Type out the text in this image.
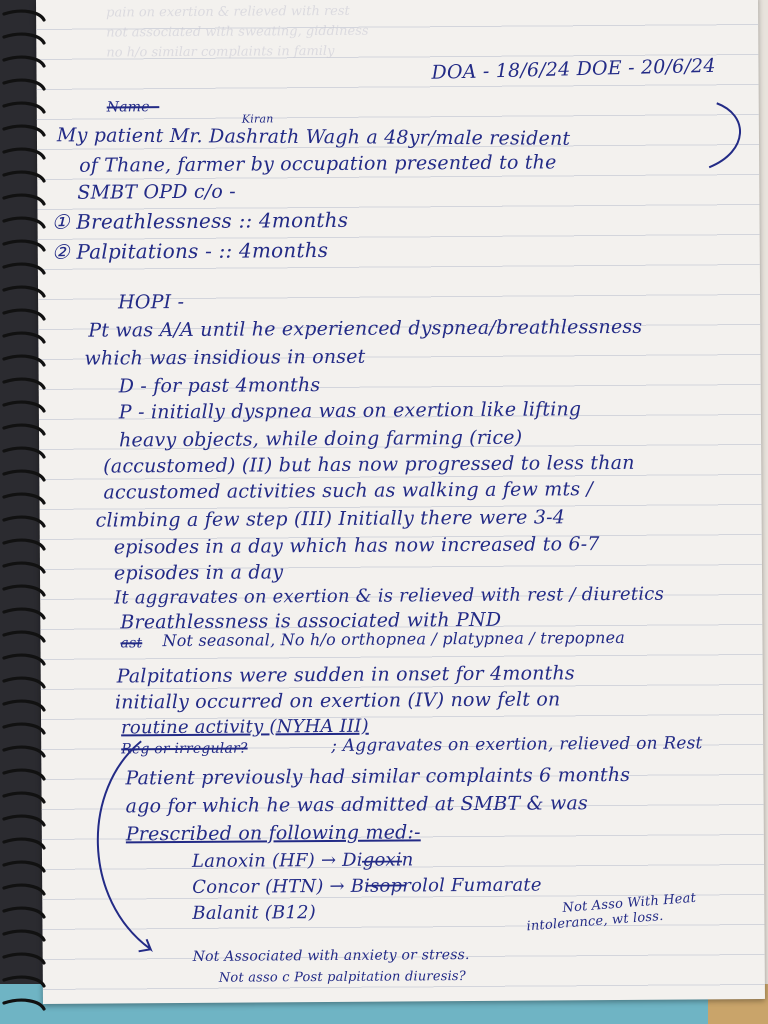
pain on exertion & relieved with rest
not associated with sweating, giddiness
no h/o similar complaints in family
DOA - 18/6/24 DOE - 20/6/24
Name -
Kiran
My patient Mr. Dashrath Wagh a 48yr/male resident
of Thane, farmer by occupation presented to the
SMBT OPD c/o -
① Breathlessness :: 4months
② Palpitations - :: 4months
HOPI -
Pt was A/A until he experienced dyspnea/breathlessness
which was insidious in onset
D - for past 4months
P - initially dyspnea was on exertion like lifting
heavy objects, while doing farming (rice)
(accustomed) (II) but has now progressed to less than
accustomed activities such as walking a few mts /
climbing a few step (III) Initially there were 3-4
episodes in a day which has now increased to 6-7
episodes in a day
It aggravates on exertion & is relieved with rest / diuretics
Breathlessness is associated with PND
ast Not seasonal, No h/o orthopnea / platypnea / trepopnea
Palpitations were sudden in onset for 4months
initially occurred on exertion (IV) now felt on
routine activity (NYHA III)
Reg or irregular?	; Aggravates on exertion, relieved on Rest
Patient previously had similar complaints 6 months
ago for which he was admitted at SMBT & was
Prescribed on following med:-
Lanoxin (HF) → Digoxin
Concor (HTN) → Bisoprolol Fumarate
Balanit (B12)	Not Asso With Heat
intolerance, wt loss.
Not Associated with anxiety or stress.
Not asso c Post palpitation diuresis?
